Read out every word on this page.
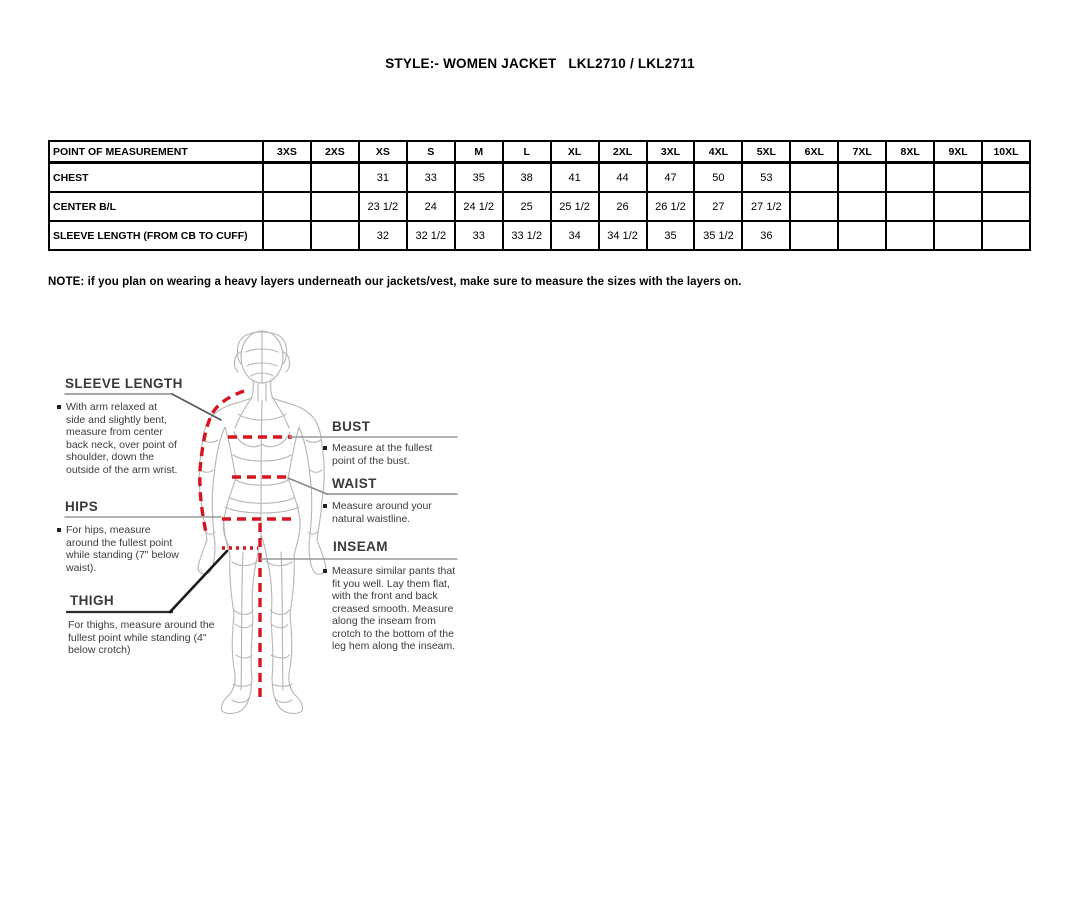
STYLE:- WOMEN JACKET   LKL2710 / LKL2711
POINT OF MEASUREMENT	3XS	2XS	XS	S	M	L	XL	2XL	3XL	4XL	5XL	6XL	7XL	8XL	9XL	10XL
CHEST			31	33	35	38	41	44	47	50	53					
CENTER B/L			23 1/2	24	24 1/2	25	25 1/2	26	26 1/2	27	27 1/2					
SLEEVE LENGTH (FROM CB TO CUFF)			32	32 1/2	33	33 1/2	34	34 1/2	35	35 1/2	36					
NOTE: if you plan on wearing a heavy layers underneath our jackets/vest, make sure to measure the sizes with the layers on.
SLEEVE LENGTH
With arm relaxed at side and slightly bent, measure from center back neck, over point of shoulder, down the outside of the arm wrist.
HIPS
For hips, measure around the fullest point while standing (7" below waist).
THIGH
For thighs, measure around the fullest point while standing (4" below crotch)
BUST
Measure at the fullest point of the bust.
WAIST
Measure around your natural waistline.
INSEAM
Measure similar pants that fit you well. Lay them flat, with the front and back creased smooth. Measure along the inseam from crotch to the bottom of the leg hem along the inseam.
